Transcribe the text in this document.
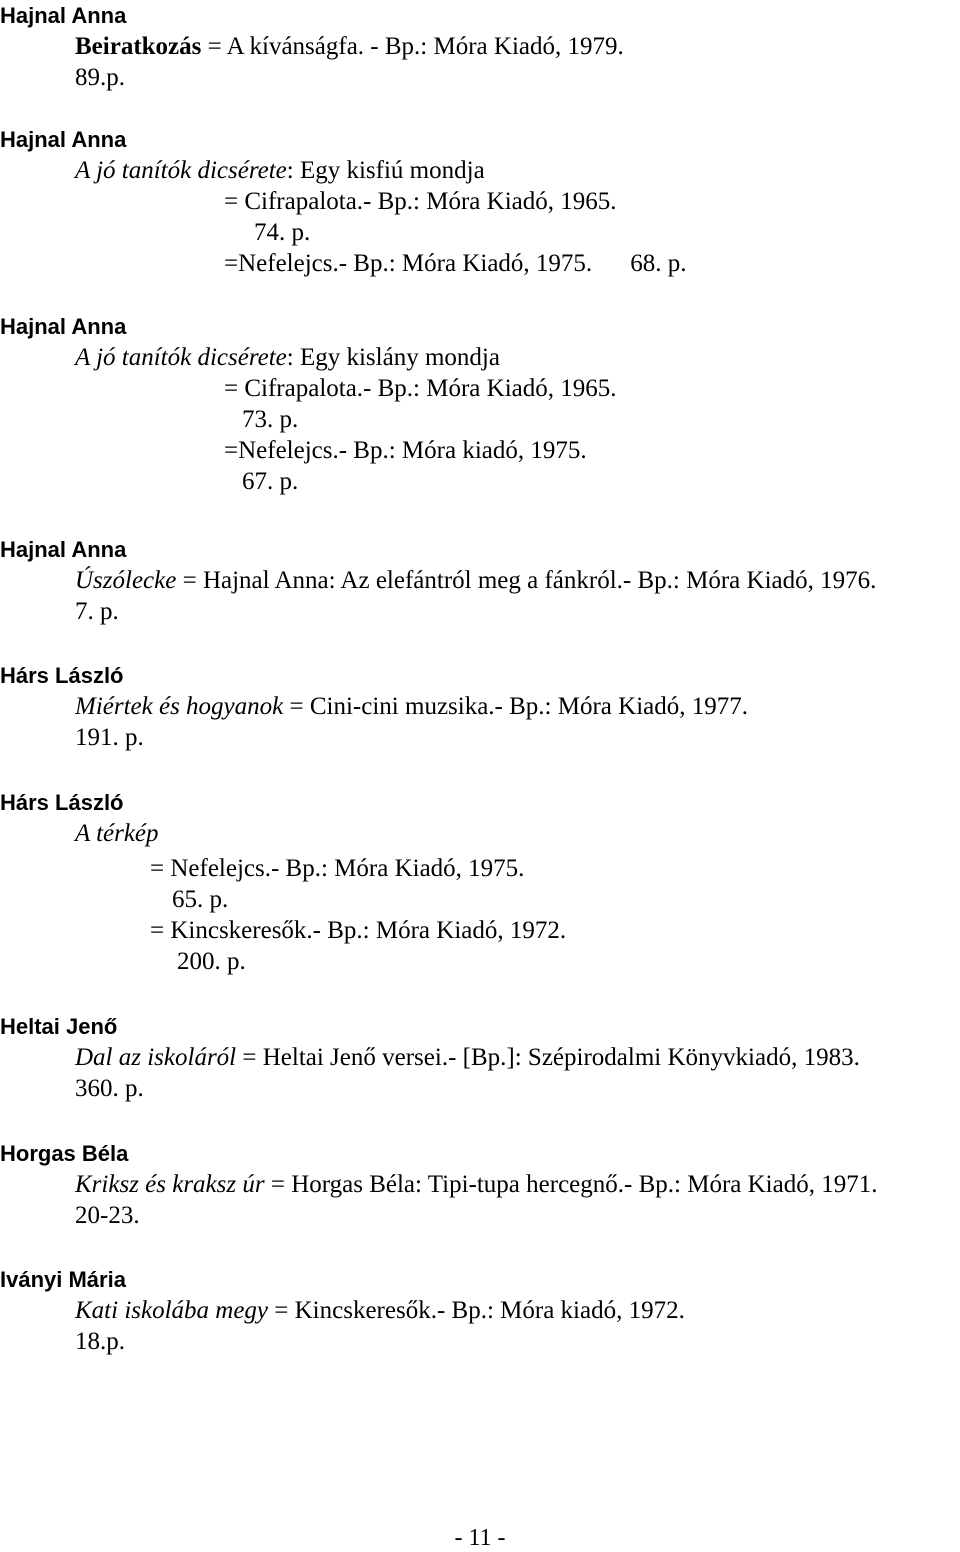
Hajnal Anna
Beiratkozás = A kívánságfa. - Bp.: Móra Kiadó, 1979.
89.p.
Hajnal Anna
A jó tanítók dicsérete: Egy kisfiú mondja
= Cifrapalota.- Bp.: Móra Kiadó, 1965.
74. p.
=Nefelejcs.- Bp.: Móra Kiadó, 1975. 68. p.
Hajnal Anna
A jó tanítók dicsérete: Egy kislány mondja
= Cifrapalota.- Bp.: Móra Kiadó, 1965.
73. p.
=Nefelejcs.- Bp.: Móra kiadó, 1975.
67. p.
Hajnal Anna
Úszólecke = Hajnal Anna: Az elefántról meg a fánkról.- Bp.: Móra Kiadó, 1976.
7. p.
Hárs László
Miértek és hogyanok = Cini-cini muzsika.- Bp.: Móra Kiadó, 1977.
191. p.
Hárs László
A térkép
= Nefelejcs.- Bp.: Móra Kiadó, 1975.
65. p.
= Kincskeresők.- Bp.: Móra Kiadó, 1972.
200. p.
Heltai Jenő
Dal az iskoláról = Heltai Jenő versei.- [Bp.]: Szépirodalmi Könyvkiadó, 1983.
360. p.
Horgas Béla
Kriksz és kraksz úr = Horgas Béla: Tipi-tupa hercegnő.- Bp.: Móra Kiadó, 1971.
20-23.
Iványi Mária
Kati iskolába megy = Kincskeresők.- Bp.: Móra kiadó, 1972.
18.p.
- 11 -
